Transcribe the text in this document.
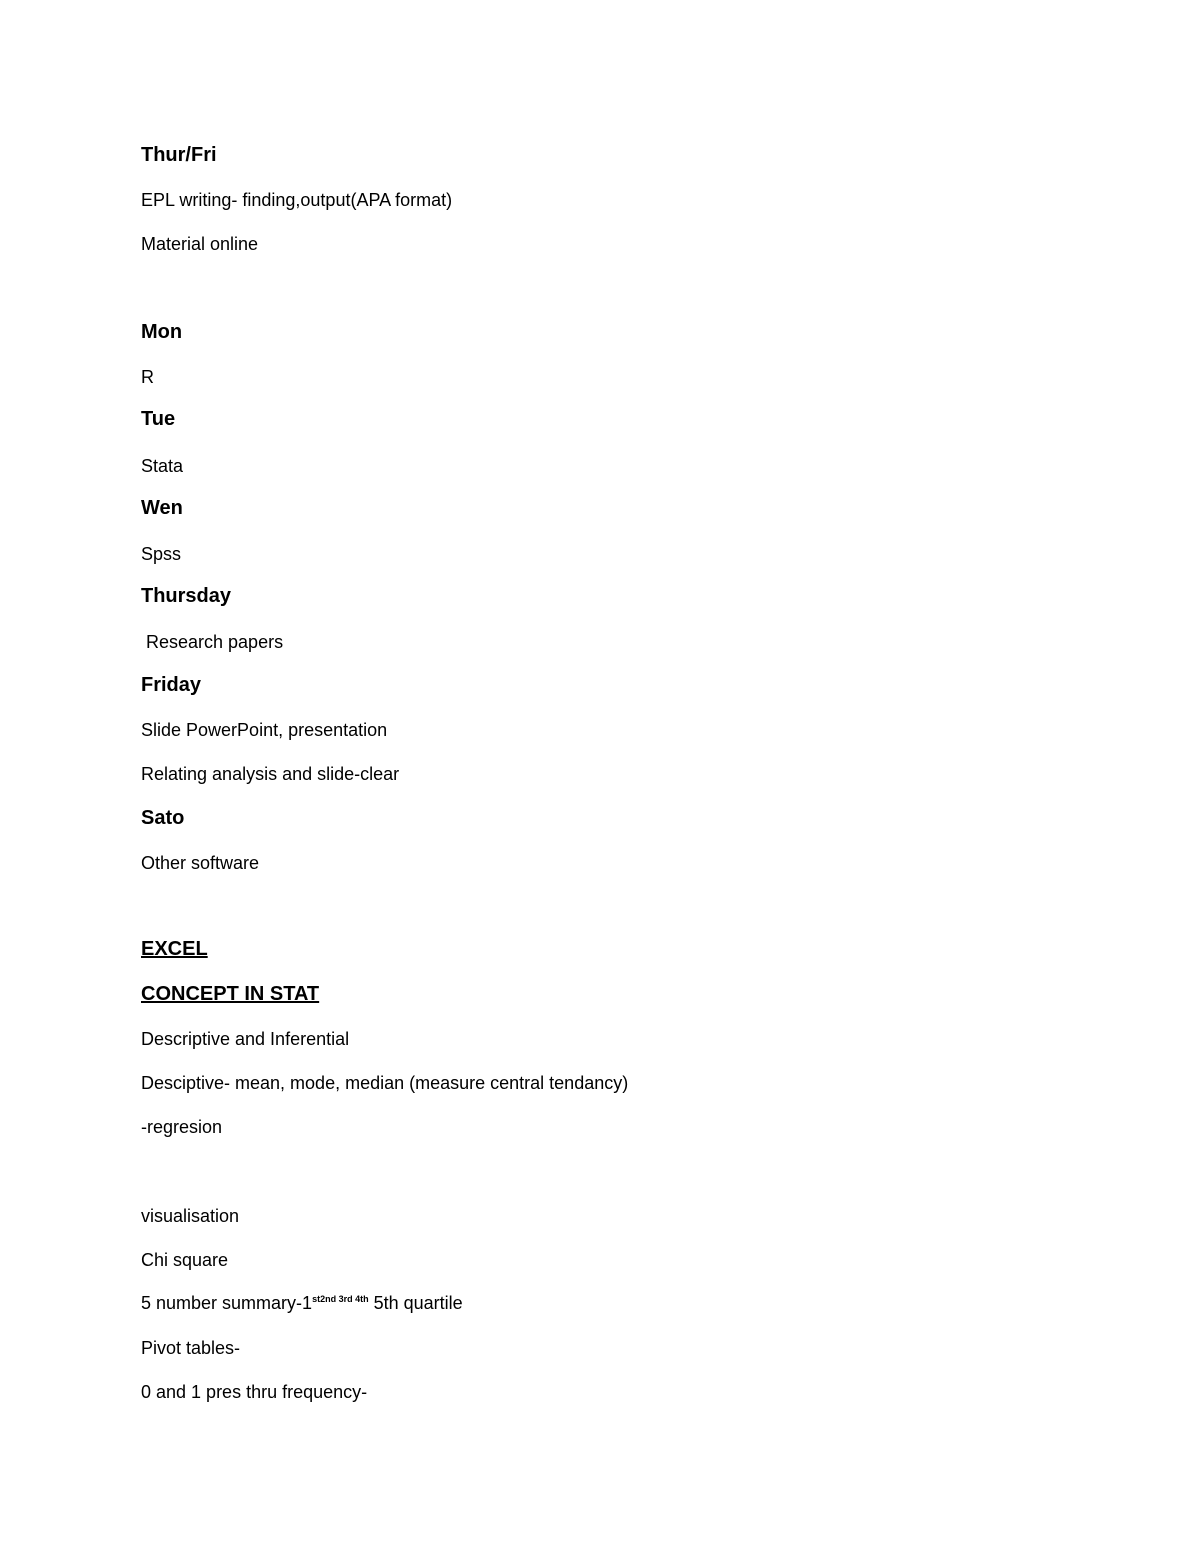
Thur/Fri
EPL writing- finding,output(APA format)
Material online
Mon
R
Tue
Stata
Wen
Spss
Thursday
Research papers
Friday
Slide PowerPoint, presentation
Relating analysis and slide-clear
Sato
Other software
EXCEL
CONCEPT IN STAT
Descriptive and Inferential
Desciptive- mean, mode, median (measure central tendancy)
-regresion
visualisation
Chi square
5 number summary-$1^{st2nd 3rd 4th}$ 5th quartile
Pivot tables-
0 and 1 pres thru frequency-
